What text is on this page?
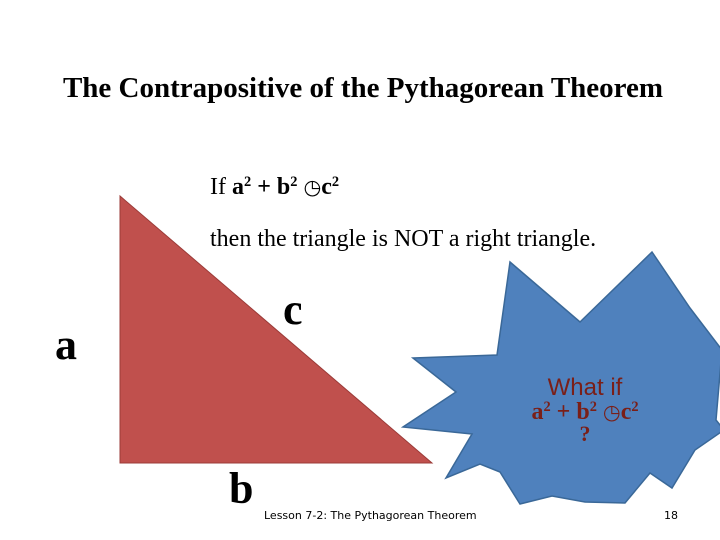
The Contrapositive of the Pythagorean Theorem
If $a^2 + b^2$ $◷c^2$
then the triangle is NOT a right triangle.
a
c
b
What if
$a^2 + b^2$ $◷c^2$
?
Lesson 7-2: The Pythagorean Theorem	18
